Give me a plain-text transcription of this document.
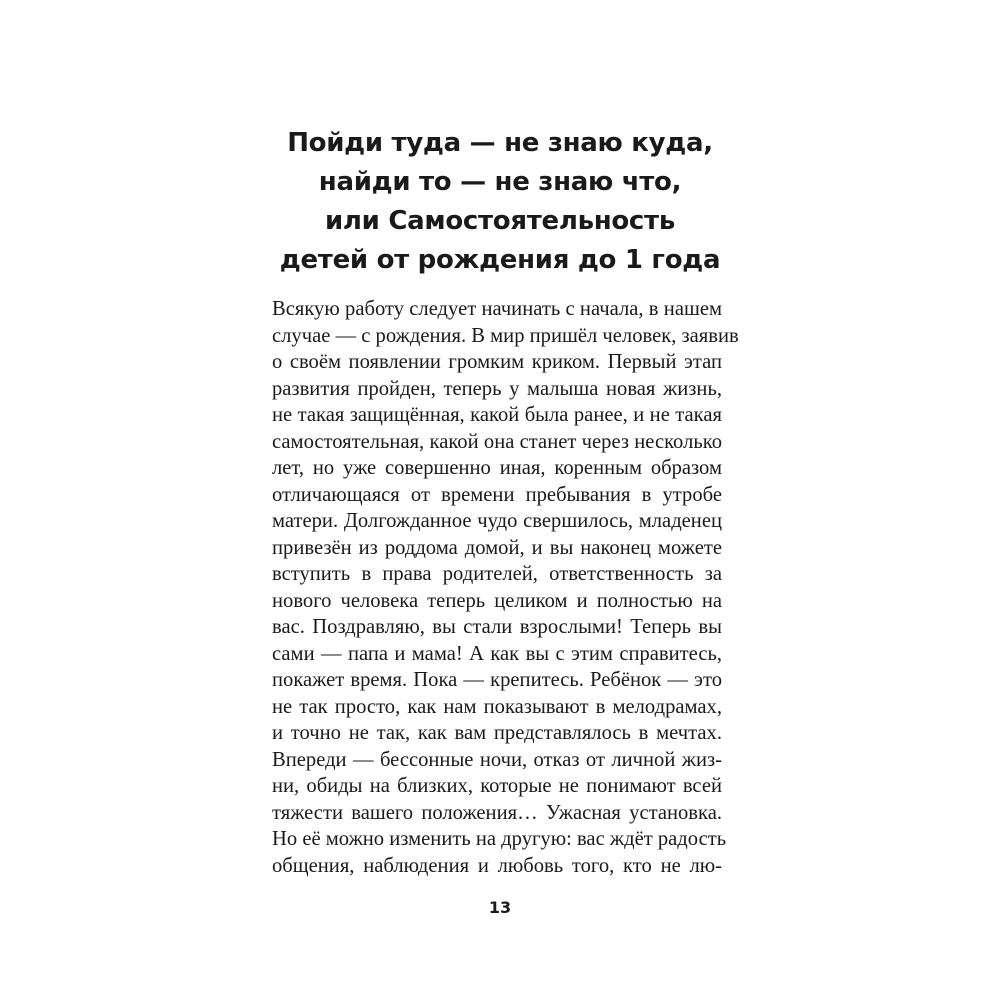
Пойди туда — не знаю куда,
найди то — не знаю что,
или Самостоятельность
детей от рождения до 1 года
Всякую работу следует начинать с начала, в нашем
случае — с рождения. В мир пришёл человек, заявив
о своём появлении громким криком. Первый этап
развития пройден, теперь у малыша новая жизнь,
не такая защищённая, какой была ранее, и не такая
самостоятельная, какой она станет через несколько
лет, но уже совершенно иная, коренным образом
отличающаяся от времени пребывания в утробе
матери. Долгожданное чудо свершилось, младенец
привезён из роддома домой, и вы наконец можете
вступить в права родителей, ответственность за
нового человека теперь целиком и полностью на
вас. Поздравляю, вы стали взрослыми! Теперь вы
сами — папа и мама! А как вы с этим справитесь,
покажет время. Пока — крепитесь. Ребёнок — это
не так просто, как нам показывают в мелодрамах,
и точно не так, как вам представлялось в мечтах.
Впереди — бессонные ночи, отказ от личной жиз-
ни, обиды на близких, которые не понимают всей
тяжести вашего положения… Ужасная установка.
Но её можно изменить на другую: вас ждёт радость
общения, наблюдения и любовь того, кто не лю-
13
